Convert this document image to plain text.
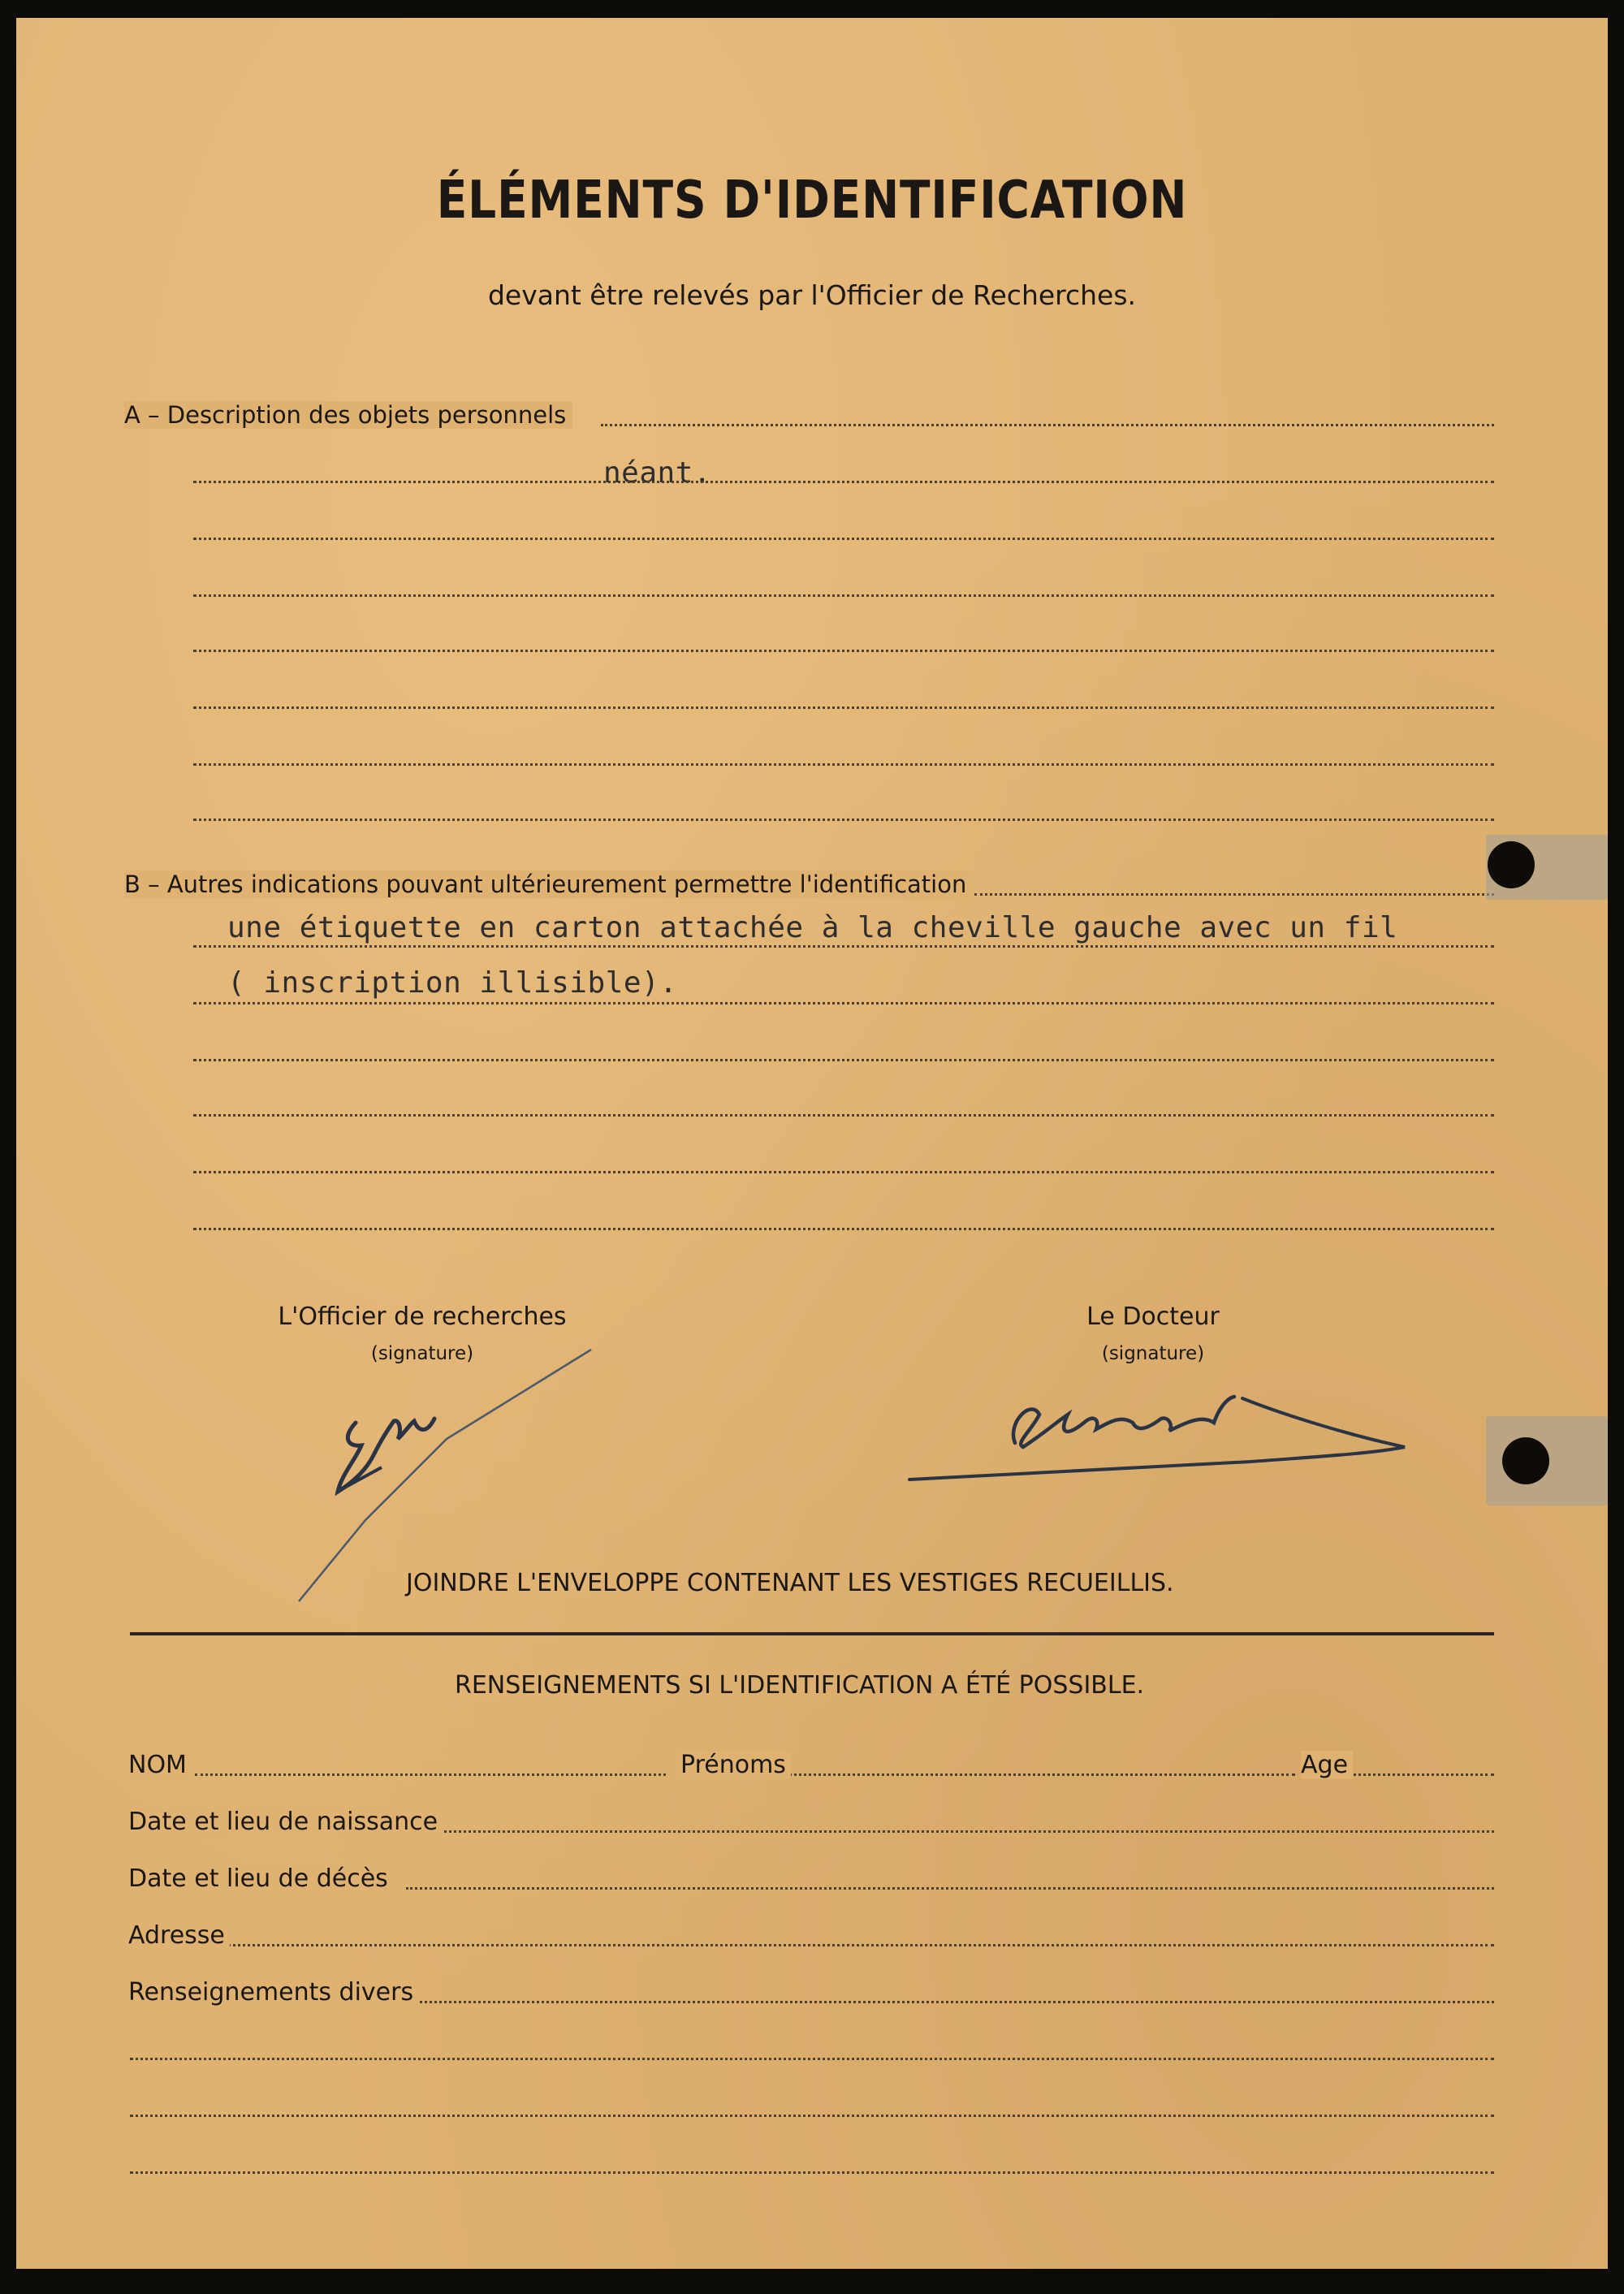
ÉLÉMENTS D'IDENTIFICATION
devant être relevés par l'Officier de Recherches.
A – Description des objets personnels
néant.
B – Autres indications pouvant ultérieurement permettre l'identification
une étiquette en carton attachée à la cheville gauche avec un fil
( inscription illisible).
L'Officier de recherches
(signature)
Le Docteur
(signature)
JOINDRE L'ENVELOPPE CONTENANT LES VESTIGES RECUEILLIS.
RENSEIGNEMENTS SI L'IDENTIFICATION A ÉTÉ POSSIBLE.
NOM	Prénoms	Age
Date et lieu de naissance
Date et lieu de décès
Adresse
Renseignements divers
